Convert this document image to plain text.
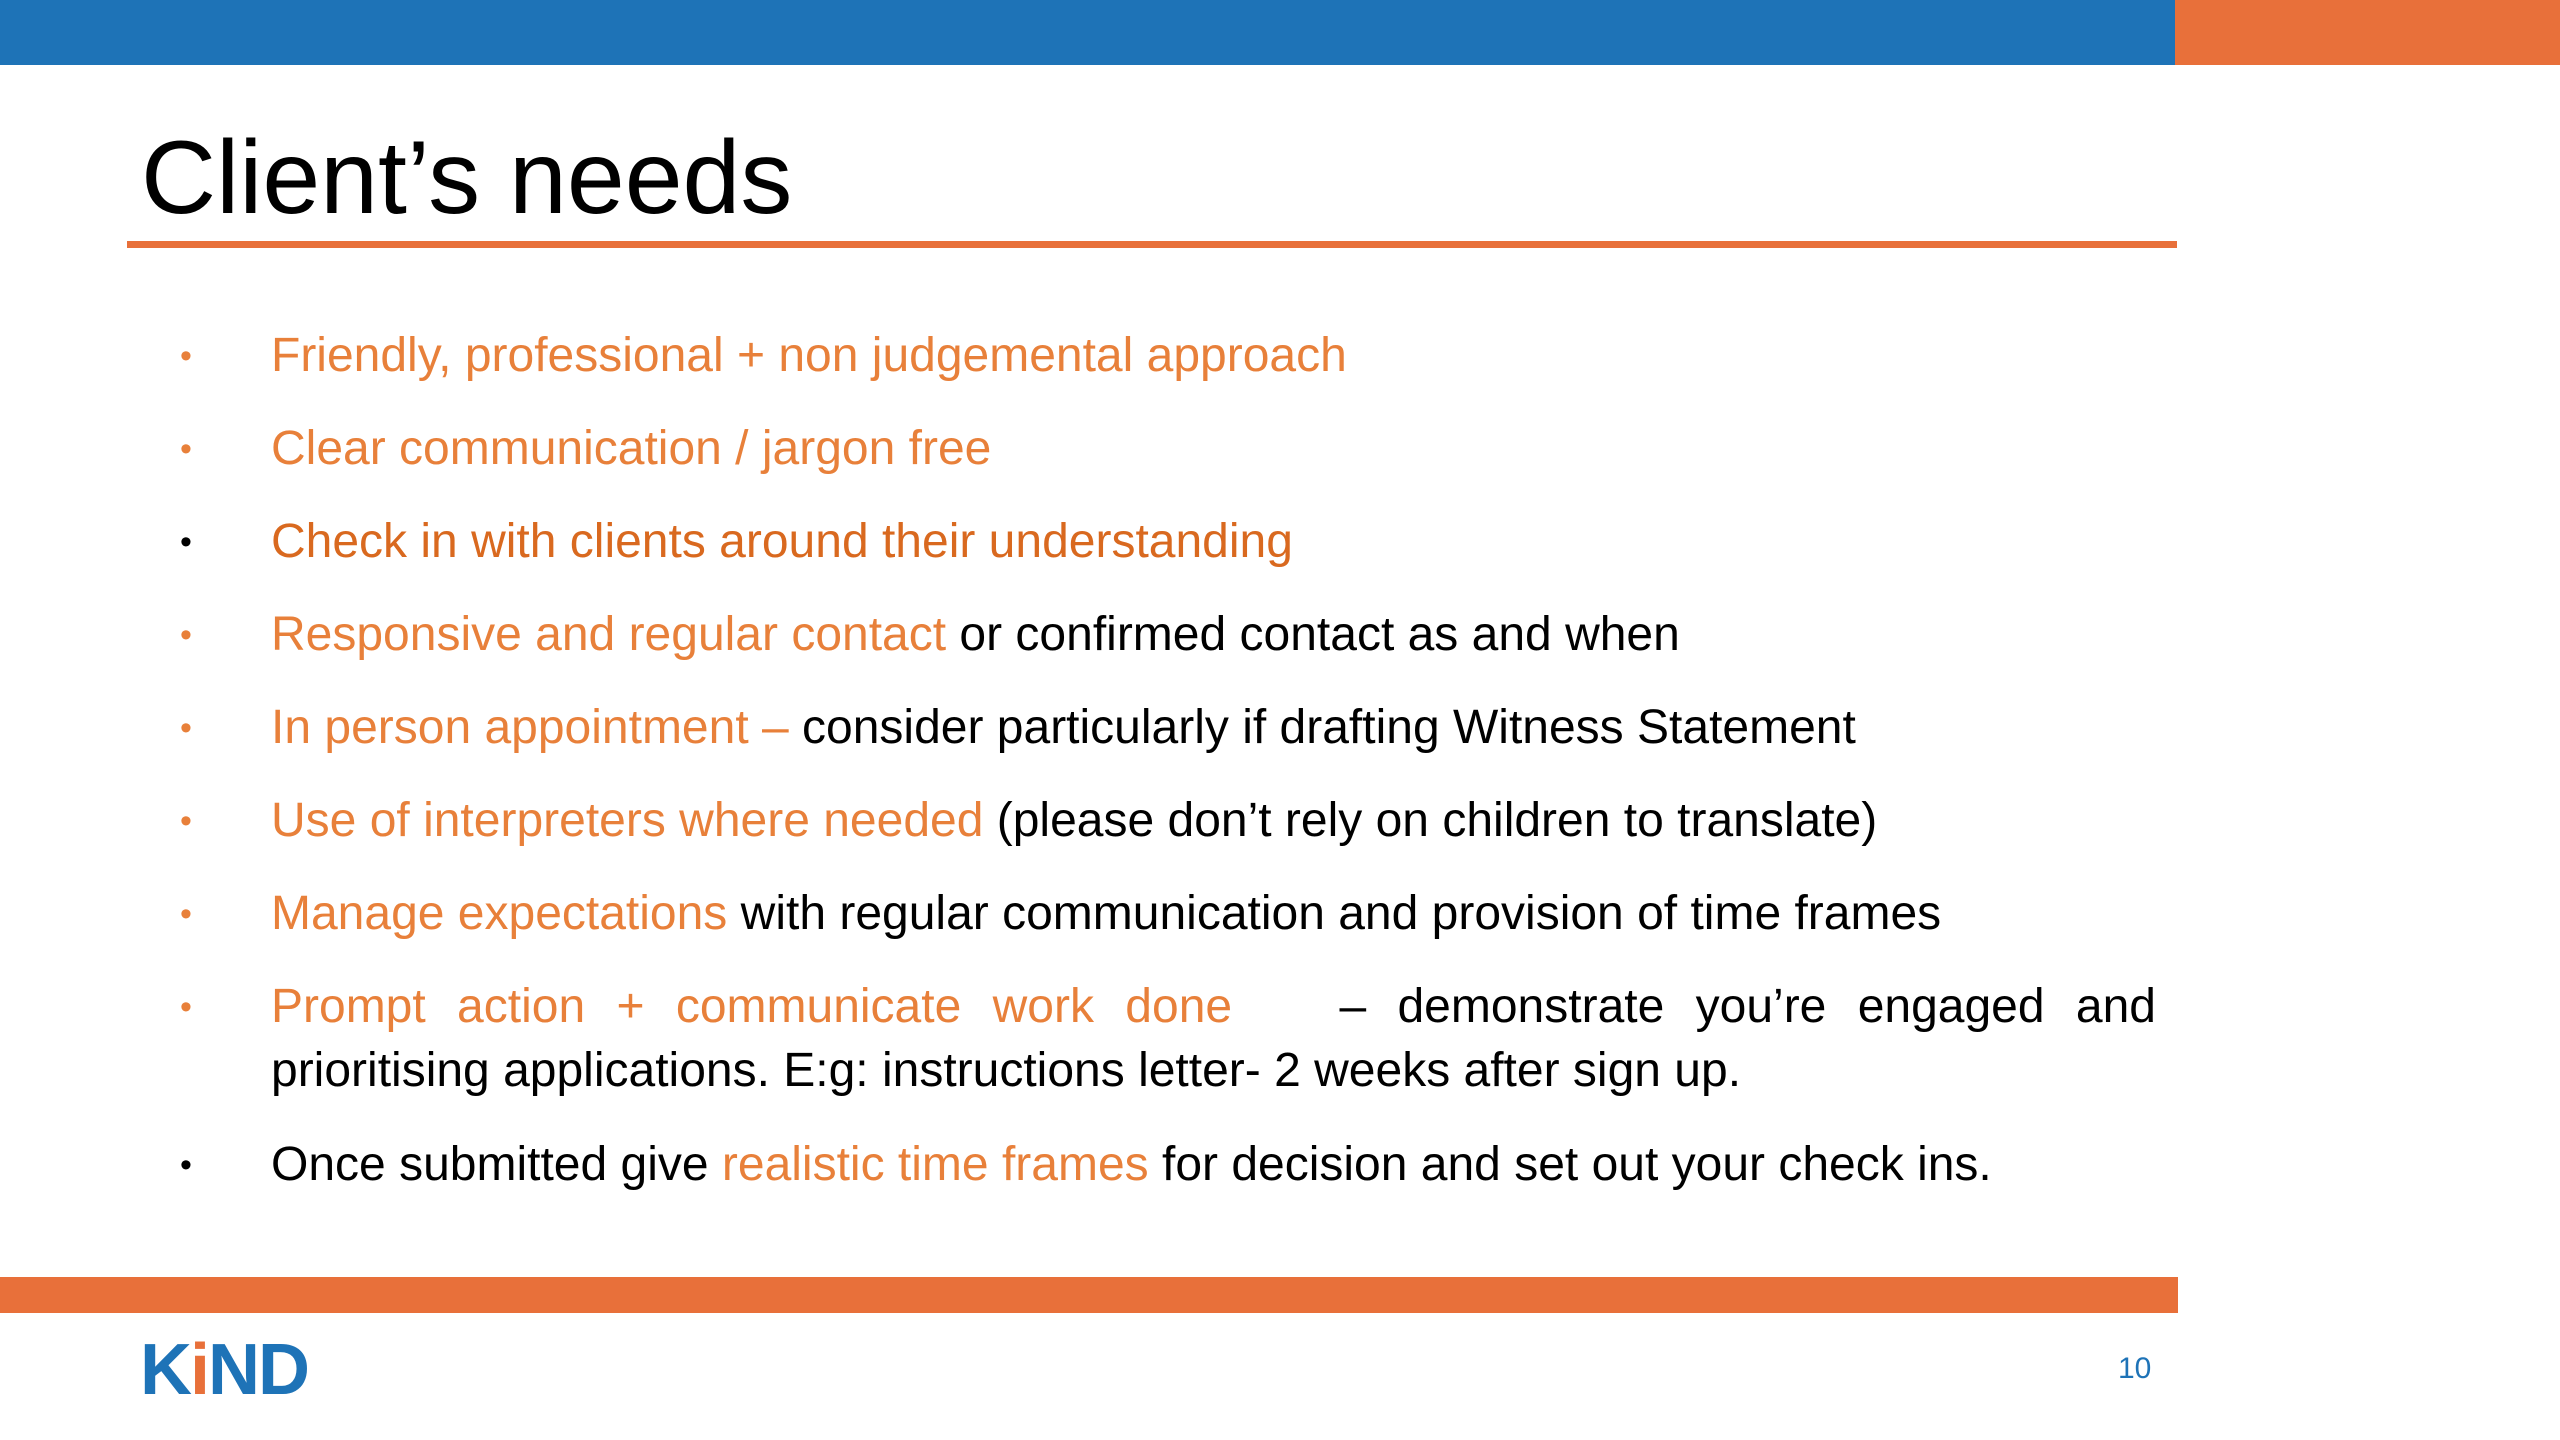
Client’s needs
• Friendly, professional + non judgemental approach
• Clear communication / jargon free
• Check in with clients around their understanding
• Responsive and regular contact or confirmed contact as and when
• In person appointment – consider particularly if drafting Witness Statement
• Use of interpreters where needed (please don’t rely on children to translate)
• Manage expectations with regular communication and provision of time frames
• Prompt action + communicate work done – demonstrate you’re engaged and
prioritising applications. E:g: instructions letter- 2 weeks after sign up.
• Once submitted give realistic time frames for decision and set out your check ins.
KiND	10
